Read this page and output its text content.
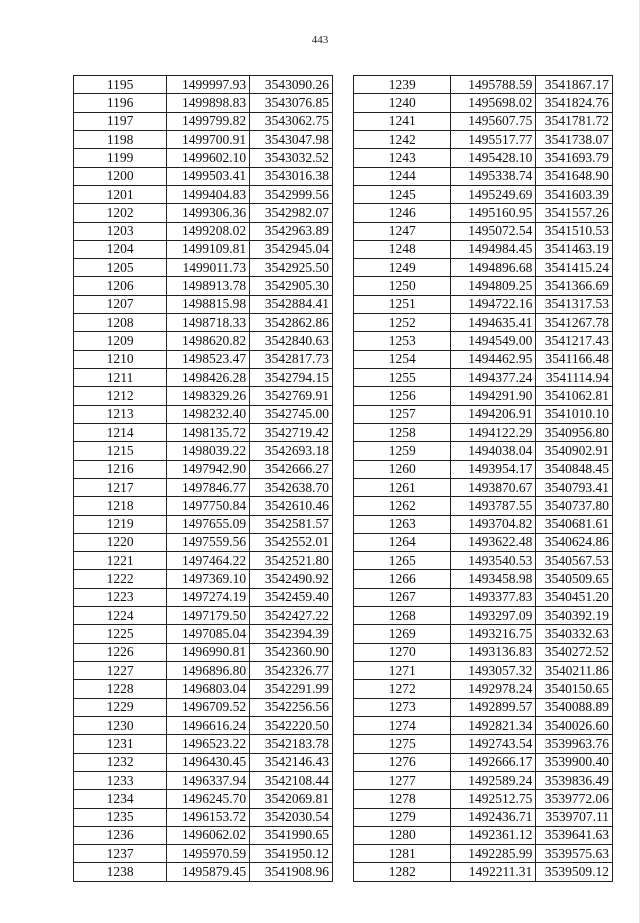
443
1195	1499997.93	3543090.26
1196	1499898.83	3543076.85
1197	1499799.82	3543062.75
1198	1499700.91	3543047.98
1199	1499602.10	3543032.52
1200	1499503.41	3543016.38
1201	1499404.83	3542999.56
1202	1499306.36	3542982.07
1203	1499208.02	3542963.89
1204	1499109.81	3542945.04
1205	1499011.73	3542925.50
1206	1498913.78	3542905.30
1207	1498815.98	3542884.41
1208	1498718.33	3542862.86
1209	1498620.82	3542840.63
1210	1498523.47	3542817.73
1211	1498426.28	3542794.15
1212	1498329.26	3542769.91
1213	1498232.40	3542745.00
1214	1498135.72	3542719.42
1215	1498039.22	3542693.18
1216	1497942.90	3542666.27
1217	1497846.77	3542638.70
1218	1497750.84	3542610.46
1219	1497655.09	3542581.57
1220	1497559.56	3542552.01
1221	1497464.22	3542521.80
1222	1497369.10	3542490.92
1223	1497274.19	3542459.40
1224	1497179.50	3542427.22
1225	1497085.04	3542394.39
1226	1496990.81	3542360.90
1227	1496896.80	3542326.77
1228	1496803.04	3542291.99
1229	1496709.52	3542256.56
1230	1496616.24	3542220.50
1231	1496523.22	3542183.78
1232	1496430.45	3542146.43
1233	1496337.94	3542108.44
1234	1496245.70	3542069.81
1235	1496153.72	3542030.54
1236	1496062.02	3541990.65
1237	1495970.59	3541950.12
1238	1495879.45	3541908.96
1239	1495788.59	3541867.17
1240	1495698.02	3541824.76
1241	1495607.75	3541781.72
1242	1495517.77	3541738.07
1243	1495428.10	3541693.79
1244	1495338.74	3541648.90
1245	1495249.69	3541603.39
1246	1495160.95	3541557.26
1247	1495072.54	3541510.53
1248	1494984.45	3541463.19
1249	1494896.68	3541415.24
1250	1494809.25	3541366.69
1251	1494722.16	3541317.53
1252	1494635.41	3541267.78
1253	1494549.00	3541217.43
1254	1494462.95	3541166.48
1255	1494377.24	3541114.94
1256	1494291.90	3541062.81
1257	1494206.91	3541010.10
1258	1494122.29	3540956.80
1259	1494038.04	3540902.91
1260	1493954.17	3540848.45
1261	1493870.67	3540793.41
1262	1493787.55	3540737.80
1263	1493704.82	3540681.61
1264	1493622.48	3540624.86
1265	1493540.53	3540567.53
1266	1493458.98	3540509.65
1267	1493377.83	3540451.20
1268	1493297.09	3540392.19
1269	1493216.75	3540332.63
1270	1493136.83	3540272.52
1271	1493057.32	3540211.86
1272	1492978.24	3540150.65
1273	1492899.57	3540088.89
1274	1492821.34	3540026.60
1275	1492743.54	3539963.76
1276	1492666.17	3539900.40
1277	1492589.24	3539836.49
1278	1492512.75	3539772.06
1279	1492436.71	3539707.11
1280	1492361.12	3539641.63
1281	1492285.99	3539575.63
1282	1492211.31	3539509.12
